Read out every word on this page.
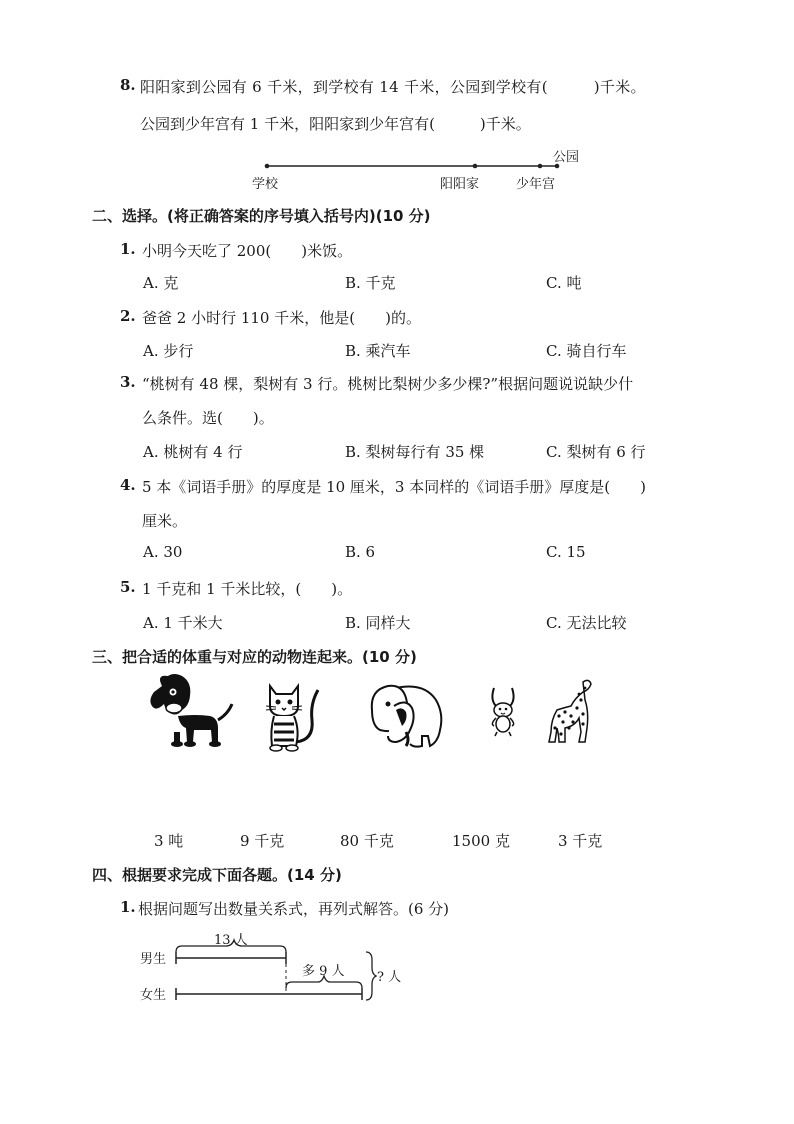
8. 阳阳家到公园有 6 千米，到学校有 14 千米，公园到学校有(　　　)千米。
公园到少年宫有 1 千米，阳阳家到少年宫有(　　　)千米。
学校	阳阳家	少年宫
公园
二、选择。(将正确答案的序号填入括号内)(10 分)
1. 小明今天吃了 200(　　)米饭。
A. 克	B. 千克	C. 吨
2. 爸爸 2 小时行 110 千米，他是(　　)的。
A. 步行	B. 乘汽车	C. 骑自行车
3. “桃树有 48 棵，梨树有 3 行。桃树比梨树少多少棵?”根据问题说说缺少什
么条件。选(　　)。
A. 桃树有 4 行	B. 梨树每行有 35 棵	C. 梨树有 6 行
4. 5 本《词语手册》的厚度是 10 厘米，3 本同样的《词语手册》厚度是(　　)
厘米。
A. 30	B. 6	C. 15
5. 1 千克和 1 千米比较，(　　)。
A. 1 千米大	B. 同样大	C. 无法比较
三、把合适的体重与对应的动物连起来。(10 分)
3 吨	9 千克	80 千克	1500 克	3 千克
四、根据要求完成下面各题。(14 分)
1. 根据问题写出数量关系式，再列式解答。(6 分)
男生
女生
13 人
多 9 人 ? 人
